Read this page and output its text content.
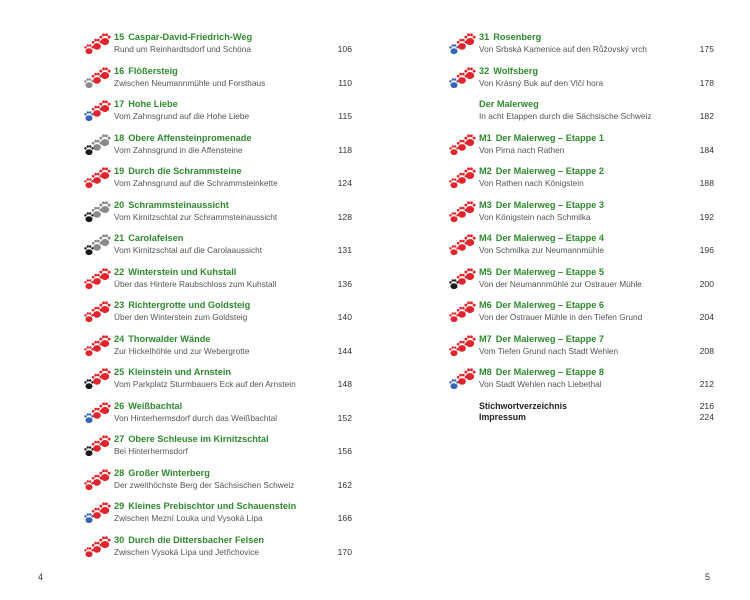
15 Caspar-David-Friedrich-Weg
Rund um Reinhardtsdorf und Schöna	106
16 Flößersteig
Zwischen Neumannmühle und Forsthaus	110
17 Hohe Liebe
Vom Zahnsgrund auf die Hohe Liebe	115
18 Obere Affensteinpromenade
Vom Zahnsgrund in die Affensteine	118
19 Durch die Schrammsteine
Vom Zahnsgrund auf die Schrammsteinkette	124
20 Schrammsteinaussicht
Vom Kirnitzschtal zur Schrammsteinaussicht	128
21 Carolafelsen
Vom Kirnitzschtal auf die Carolaaussicht	131
22 Winterstein und Kuhstall
Über das Hintere Raubschloss zum Kuhstall	136
23 Richtergrotte und Goldsteig
Über den Winterstein zum Goldsteig	140
24 Thorwalder Wände
Zur Hickelhöhle und zur Webergrotte	144
25 Kleinstein und Arnstein
Vom Parkplatz Sturmbauers Eck auf den Arnstein	148
26 Weißbachtal
Von Hinterhermsdorf durch das Weißbachtal	152
27 Obere Schleuse im Kirnitzschtal
Bei Hinterhermsdorf	156
28 Großer Winterberg
Der zweithöchste Berg der Sächsischen Schweiz	162
29 Kleines Prebischtor und Schauenstein
Zwischen Mezní Louka und Vysoká Lípa	166
30 Durch die Dittersbacher Felsen
Zwischen Vysoká Lípa und Jetřichovice	170
31 Rosenberg
Von Srbská Kamenice auf den Růžovský vrch	175
32 Wolfsberg
Von Krásný Buk auf den Vlčí hora	178
Der Malerweg
In acht Etappen durch die Sächsische Schweiz	182
M1 Der Malerweg – Etappe 1
Von Pirna nach Rathen	184
M2 Der Malerweg – Etappe 2
Von Rathen nach Königstein	188
M3 Der Malerweg – Etappe 3
Von Königstein nach Schmilka	192
M4 Der Malerweg – Etappe 4
Von Schmilka zur Neumannmühle	196
M5 Der Malerweg – Etappe 5
Von der Neumannmühle zur Ostrauer Mühle	200
M6 Der Malerweg – Etappe 6
Von der Ostrauer Mühle in den Tiefen Grund	204
M7 Der Malerweg – Etappe 7
Vom Tiefen Grund nach Stadt Wehlen	208
M8 Der Malerweg – Etappe 8
Von Stadt Wehlen nach Liebethal	212
Stichwortverzeichnis	216
Impressum	224
4	5
